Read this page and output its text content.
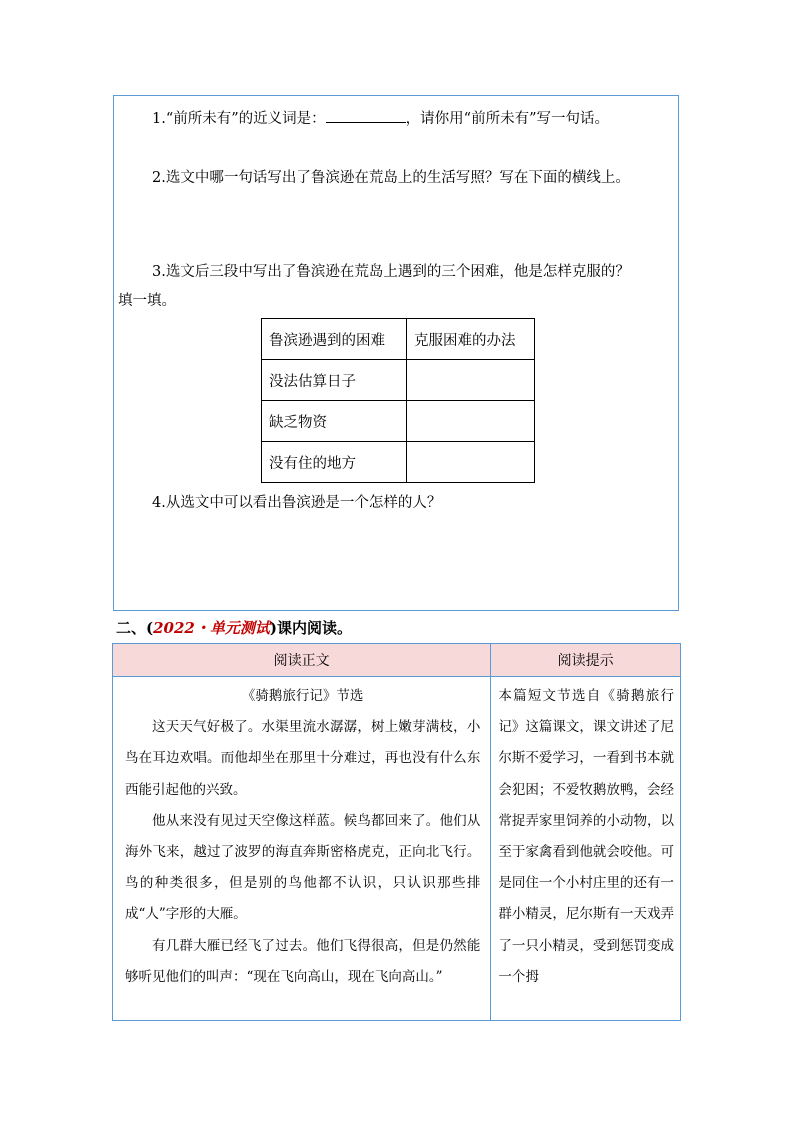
1.“前所未有”的近义词是：	，请你用“前所未有”写一句话。
2.选文中哪一句话写出了鲁滨逊在荒岛上的生活写照？写在下面的横线上。
3.选文后三段中写出了鲁滨逊在荒岛上遇到的三个困难，他是怎样克服的？
填一填。
鲁滨逊遇到的困难	克服困难的办法
没法估算日子	
缺乏物资	
没有住的地方	
4.从选文中可以看出鲁滨逊是一个怎样的人？
二、(2022・单元测试)课内阅读。
阅读正文	阅读提示

《骑鹅旅行记》节选

这天天气好极了。水渠里流水潺潺，树上嫩芽满枝，小鸟在耳边欢唱。而他却坐在那里十分难过，再也没有什么东西能引起他的兴致。

他从来没有见过天空像这样蓝。候鸟都回来了。他们从海外飞来，越过了波罗的海直奔斯密格虎克，正向北飞行。鸟的种类很多，但是别的鸟他都不认识，只认识那些排成“人”字形的大雁。

有几群大雁已经飞了过去。他们飞得很高，但是仍然能够听见他们的叫声：“现在飞向高山，现在飞向高山。”	本篇短文节选自《骑鹅旅行记》这篇课文，课文讲述了尼尔斯不爱学习，一看到书本就会犯困；不爱牧鹅放鸭，会经常捉弄家里饲养的小动物，以至于家禽看到他就会咬他。可是同住一个小村庄里的还有一群小精灵，尼尔斯有一天戏弄了一只小精灵，受到惩罚变成一个拇
